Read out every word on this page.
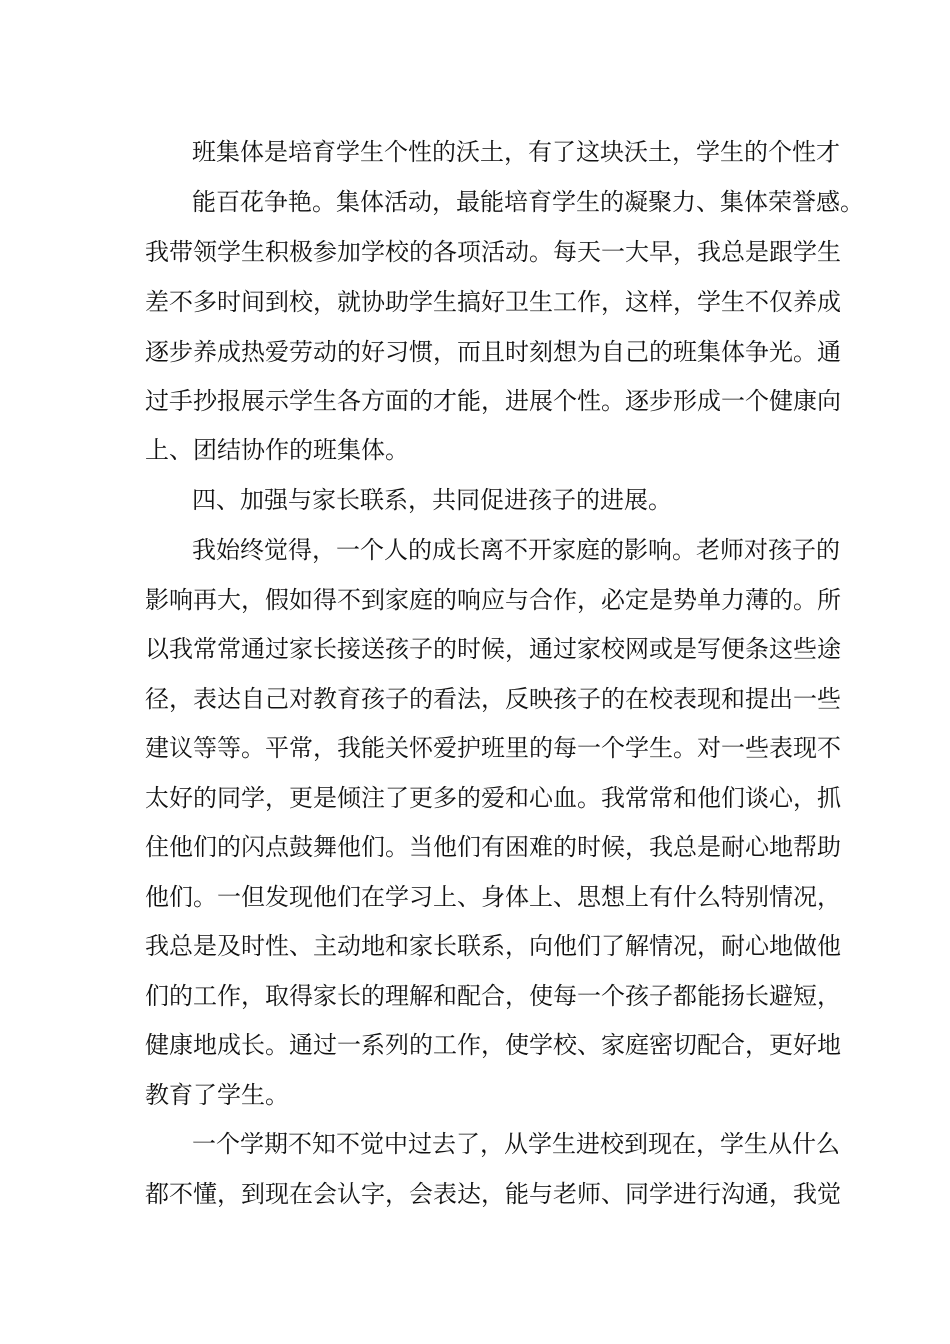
班集体是培育学生个性的沃土，有了这块沃土，学生的个性才
能百花争艳。集体活动，最能培育学生的凝聚力、集体荣誉感。
我带领学生积极参加学校的各项活动。每天一大早，我总是跟学生
差不多时间到校，就协助学生搞好卫生工作，这样，学生不仅养成
逐步养成热爱劳动的好习惯，而且时刻想为自己的班集体争光。通
过手抄报展示学生各方面的才能，进展个性。逐步形成一个健康向
上、团结协作的班集体。
四、加强与家长联系，共同促进孩子的进展。
我始终觉得，一个人的成长离不开家庭的影响。老师对孩子的
影响再大，假如得不到家庭的响应与合作，必定是势单力薄的。所
以我常常通过家长接送孩子的时候，通过家校网或是写便条这些途
径，表达自己对教育孩子的看法，反映孩子的在校表现和提出一些
建议等等。平常，我能关怀爱护班里的每一个学生。对一些表现不
太好的同学，更是倾注了更多的爱和心血。我常常和他们谈心，抓
住他们的闪点鼓舞他们。当他们有困难的时候，我总是耐心地帮助
他们。一但发现他们在学习上、身体上、思想上有什么特别情况，
我总是及时性、主动地和家长联系，向他们了解情况，耐心地做他
们的工作，取得家长的理解和配合，使每一个孩子都能扬长避短，
健康地成长。通过一系列的工作，使学校、家庭密切配合，更好地
教育了学生。
一个学期不知不觉中过去了，从学生进校到现在，学生从什么
都不懂，到现在会认字，会表达，能与老师、同学进行沟通，我觉
